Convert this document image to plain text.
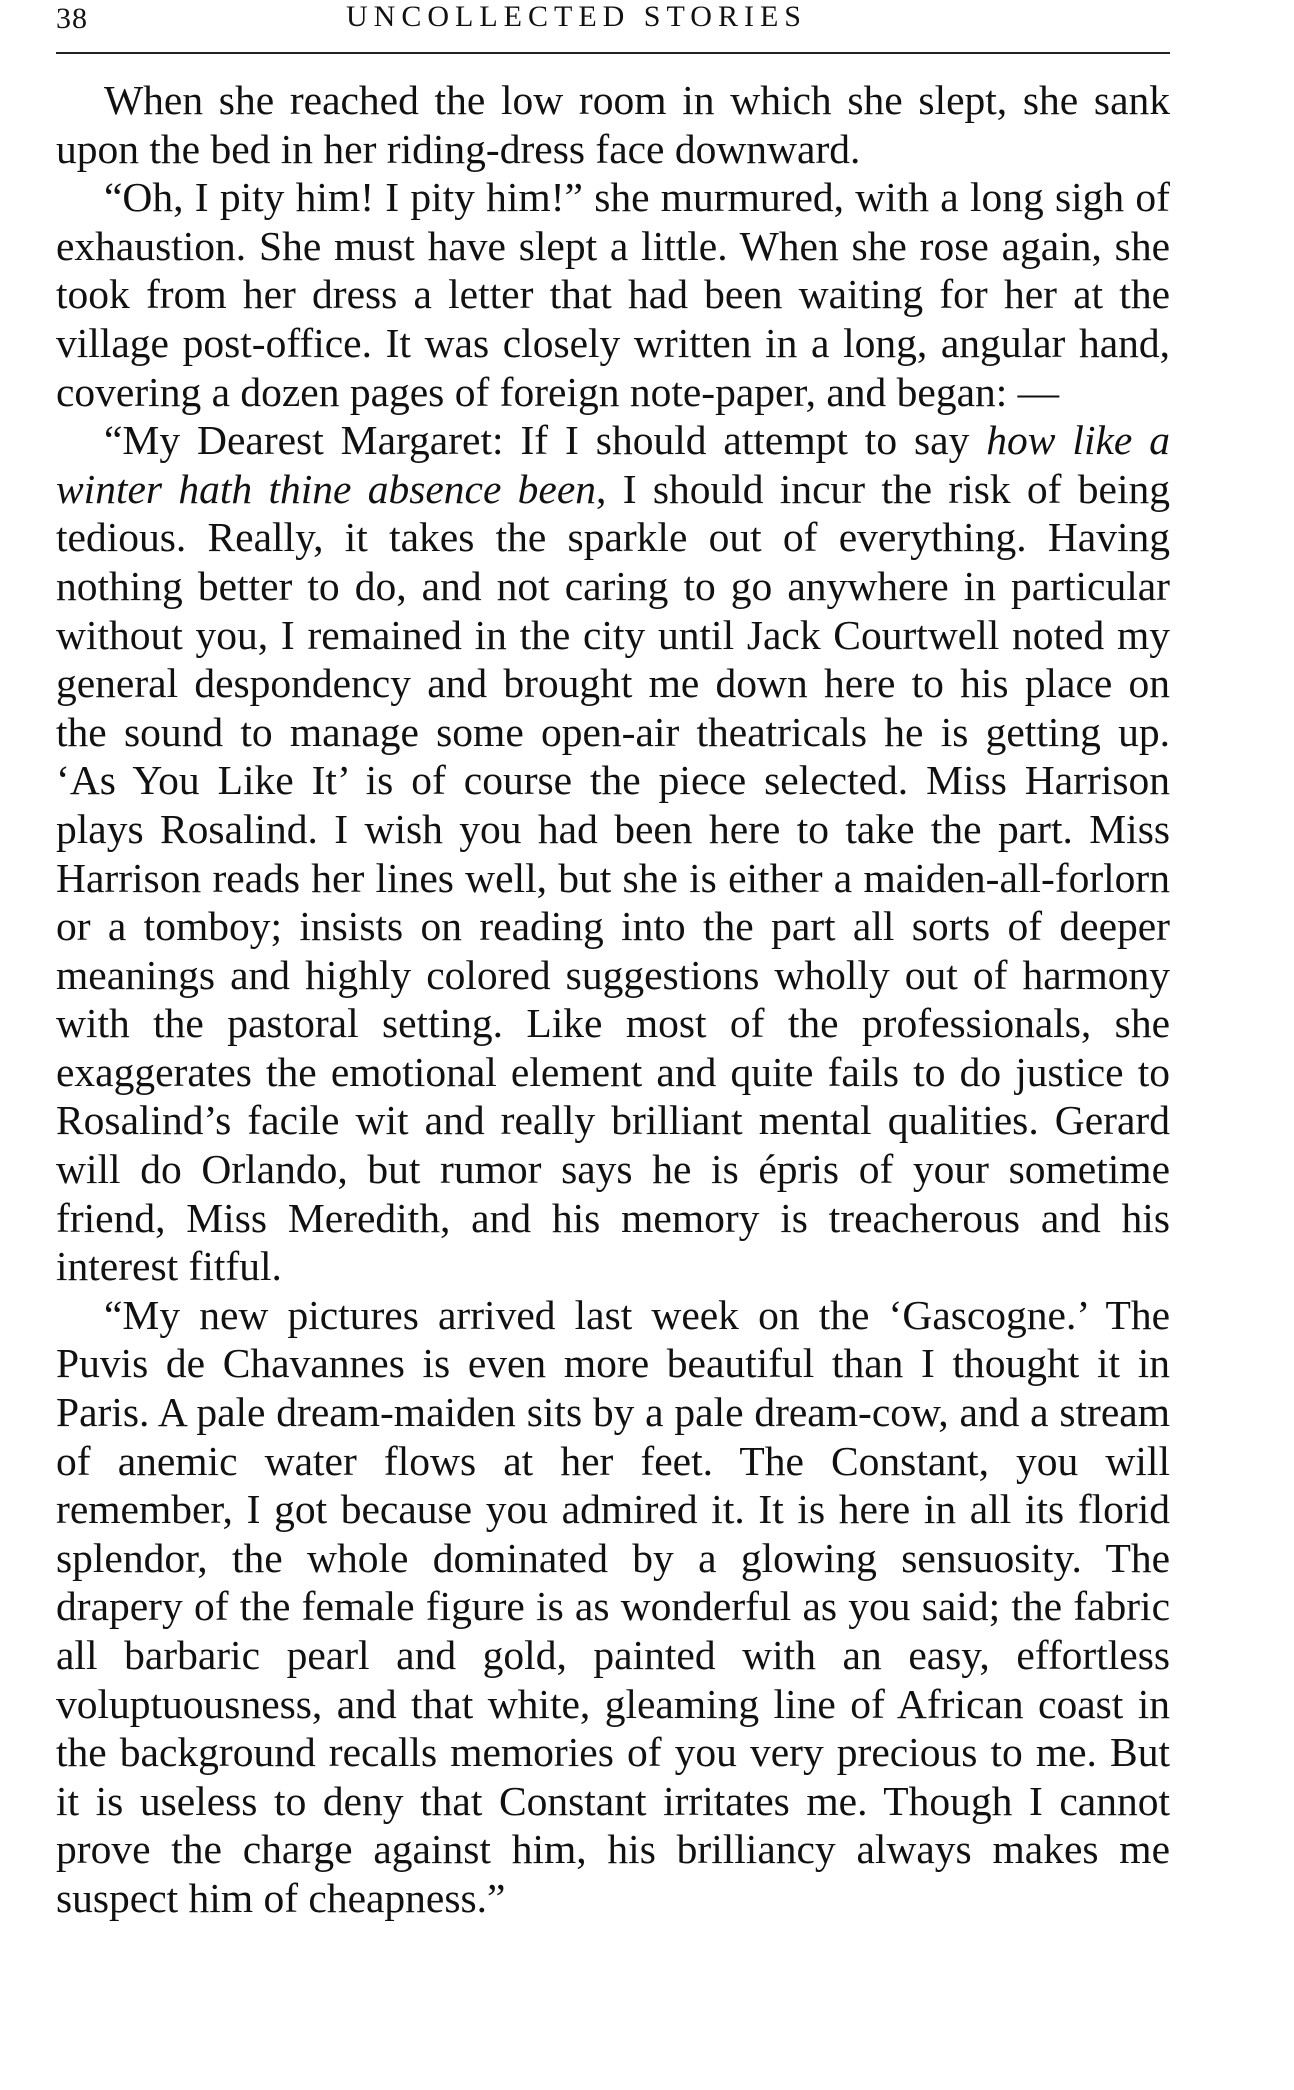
38	UNCOLLECTED STORIES

When she reached the low room in which she slept, she sank upon the bed in her riding-dress face downward.

“Oh, I pity him! I pity him!” she murmured, with a long sigh of exhaustion. She must have slept a little. When she rose again, she took from her dress a letter that had been waiting for her at the village post-office. It was closely written in a long, angular hand, covering a dozen pages of foreign note-paper, and began: —

“My Dearest Margaret: If I should attempt to say how like a winter hath thine absence been, I should incur the risk of being tedious. Really, it takes the sparkle out of everything. Having nothing better to do, and not caring to go anywhere in particular without you, I remained in the city until Jack Courtwell noted my general despondency and brought me down here to his place on the sound to manage some open-air theatricals he is getting up. ‘As You Like It’ is of course the piece selected. Miss Harrison plays Rosalind. I wish you had been here to take the part. Miss Harrison reads her lines well, but she is either a maiden-all-forlorn or a tomboy; insists on reading into the part all sorts of deeper meanings and highly colored suggestions wholly out of harmony with the pastoral setting. Like most of the professionals, she exaggerates the emotional element and quite fails to do justice to Rosalind’s facile wit and really brilliant mental qualities. Gerard will do Orlando, but rumor says he is épris of your sometime friend, Miss Meredith, and his memory is treacherous and his interest fitful.

“My new pictures arrived last week on the ‘Gascogne.’ The Puvis de Chavannes is even more beautiful than I thought it in Paris. A pale dream-maiden sits by a pale dream-cow, and a stream of anemic water flows at her feet. The Constant, you will remember, I got because you admired it. It is here in all its florid splendor, the whole dominated by a glowing sensuosity. The drapery of the female figure is as wonderful as you said; the fabric all barbaric pearl and gold, painted with an easy, effortless voluptuousness, and that white, gleaming line of African coast in the background recalls memories of you very precious to me. But it is useless to deny that Constant irritates me. Though I cannot prove the charge against him, his brilliancy always makes me suspect him of cheapness.”
